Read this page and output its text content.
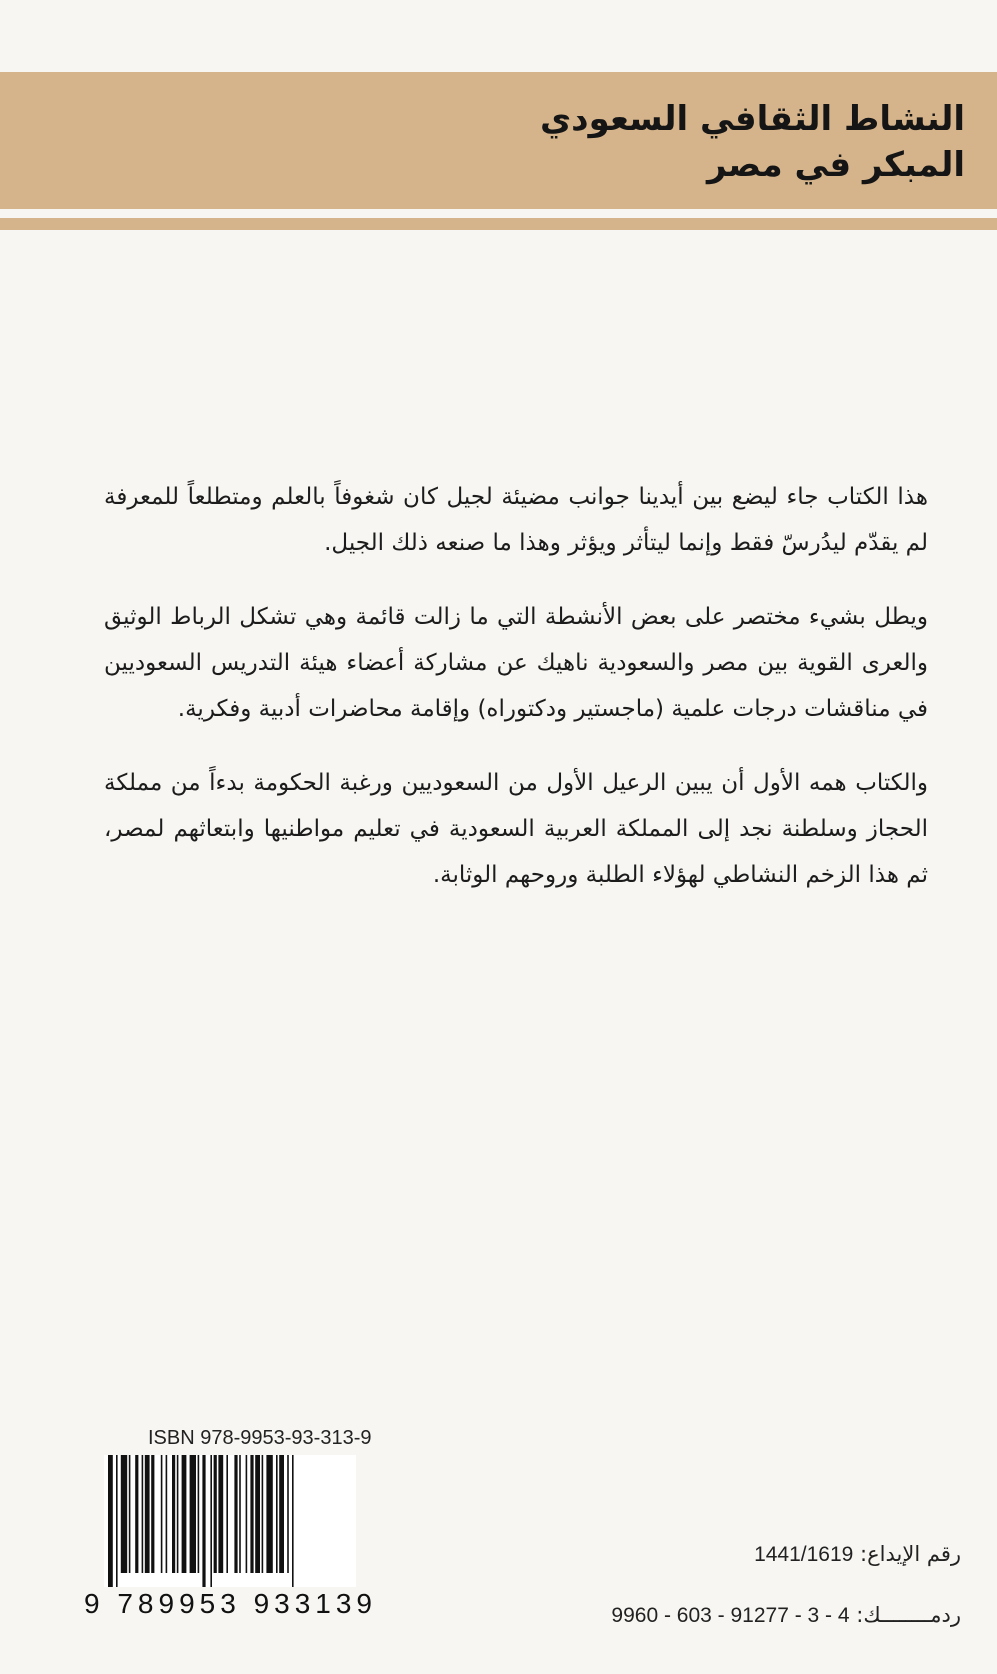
النشاط الثقافي السعودي
المبكر في مصر

هذا الكتاب جاء ليضع بين أيدينا جوانب مضيئة لجيل كان شغوفاً بالعلم ومتطلعاً للمعرفة لم يقدّم ليدُرسّ فقط وإنما ليتأثر ويؤثر وهذا ما صنعه ذلك الجيل.

ويطل بشيء مختصر على بعض الأنشطة التي ما زالت قائمة وهي تشكل الرباط الوثيق والعرى القوية بين مصر والسعودية ناهيك عن مشاركة أعضاء هيئة التدريس السعوديين في مناقشات درجات علمية (ماجستير ودكتوراه) وإقامة محاضرات أدبية وفكرية.

والكتاب همه الأول أن يبين الرعيل الأول من السعوديين ورغبة الحكومة بدءاً من مملكة الحجاز وسلطنة نجد إلى المملكة العربية السعودية في تعليم مواطنيها وابتعاثهم لمصر، ثم هذا الزخم النشاطي لهؤلاء الطلبة وروحهم الوثابة.

ISBN 978-9953-93-313-9
9 789953 933139
رقم الإيداع: 1441/1619
ردمــــــــك: 9960 - 603 - 91277 - 3 - 4
